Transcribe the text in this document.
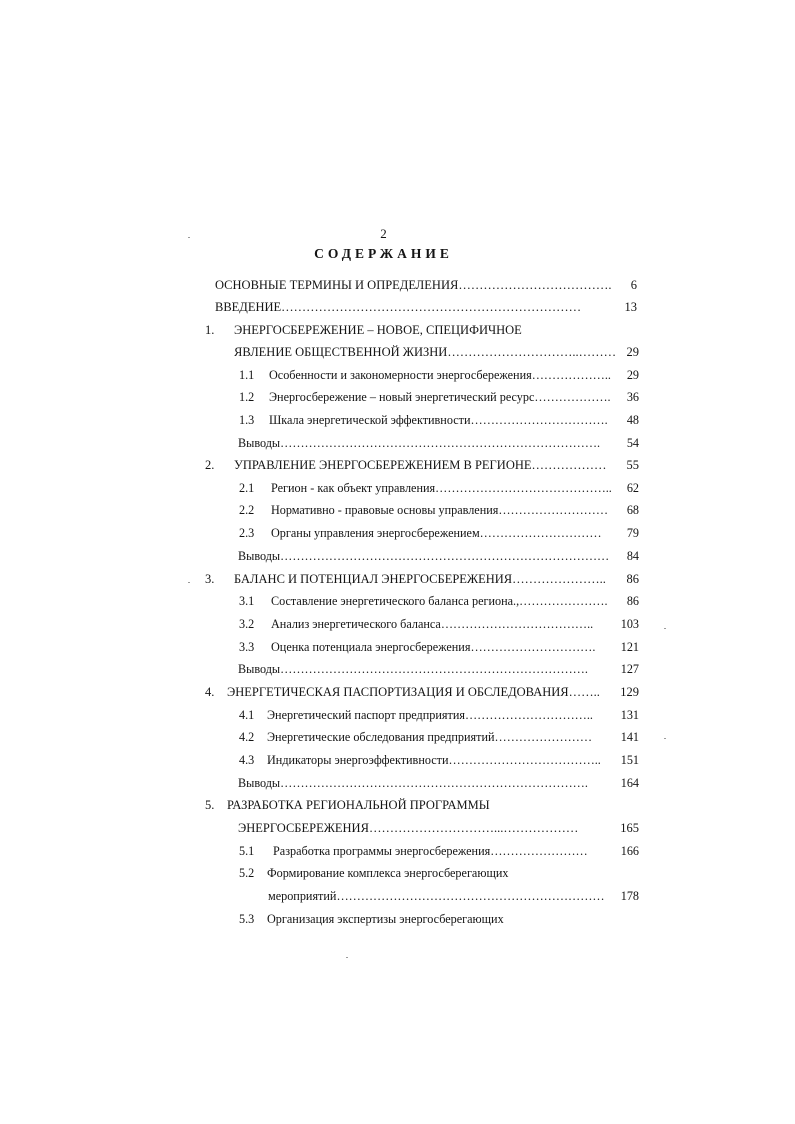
2
СОДЕРЖАНИЕ
ОСНОВНЫЕ ТЕРМИНЫ И ОПРЕДЕЛЕНИЯ ……………………………….	6
ВВЕДЕНИЕ ………………………………………………………………	13
1.	ЭНЕРГОСБЕРЕЖЕНИЕ – НОВОЕ, СПЕЦИФИЧНОЕ
ЯВЛЕНИЕ ОБЩЕСТВЕННОЙ ЖИЗНИ …………………………..……… 29
1.1	Особенности и закономерности энергосбережения ………………..	29
1.2	Энергосбережение – новый энергетический ресурс ……………….	36
1.3	Шкала энергетической эффективности …………………………….	48
Выводы …………………………………………………………………….	54
2.	УПРАВЛЕНИЕ ЭНЕРГОСБЕРЕЖЕНИЕМ В РЕГИОНЕ ………………	55
2.1	Регион - как объект управления ……………………………………..	62
2.2	Нормативно - правовые основы управления ………………………	68
2.3	Органы управления энергосбережением …………………………	79
Выводы ………………………………………………………………………	84
3.	БАЛАНС И ПОТЕНЦИАЛ ЭНЕРГОСБЕРЕЖЕНИЯ …………………..	86
3.1	Составление энергетического баланса региона .,………………….	86
3.2	Анализ энергетического баланса ………………………………..	103
3.3	Оценка потенциала энергосбережения ………………………….	121
Выводы ………………………………………………………………….	127
4.	ЭНЕРГЕТИЧЕСКАЯ ПАСПОРТИЗАЦИЯ И ОБСЛЕДОВАНИЯ ……..	129
4.1	Энергетический паспорт предприятия …………………………..	131
4.2	Энергетические обследования предприятий ……………………	141
4.3	Индикаторы энергоэффективности ………………………………..	151
Выводы ………………………………………………………………….	164
5.	РАЗРАБОТКА РЕГИОНАЛЬНОЙ ПРОГРАММЫ
ЭНЕРГОСБЕРЕЖЕНИЯ …………………………...………………	165
5.1	Разработка программы энергосбережения ……………………	166
5.2	Формирование комплекса энергосберегающих
мероприятий …………………………………………………………	178
5.3	Организация экспертизы энергосберегающих
